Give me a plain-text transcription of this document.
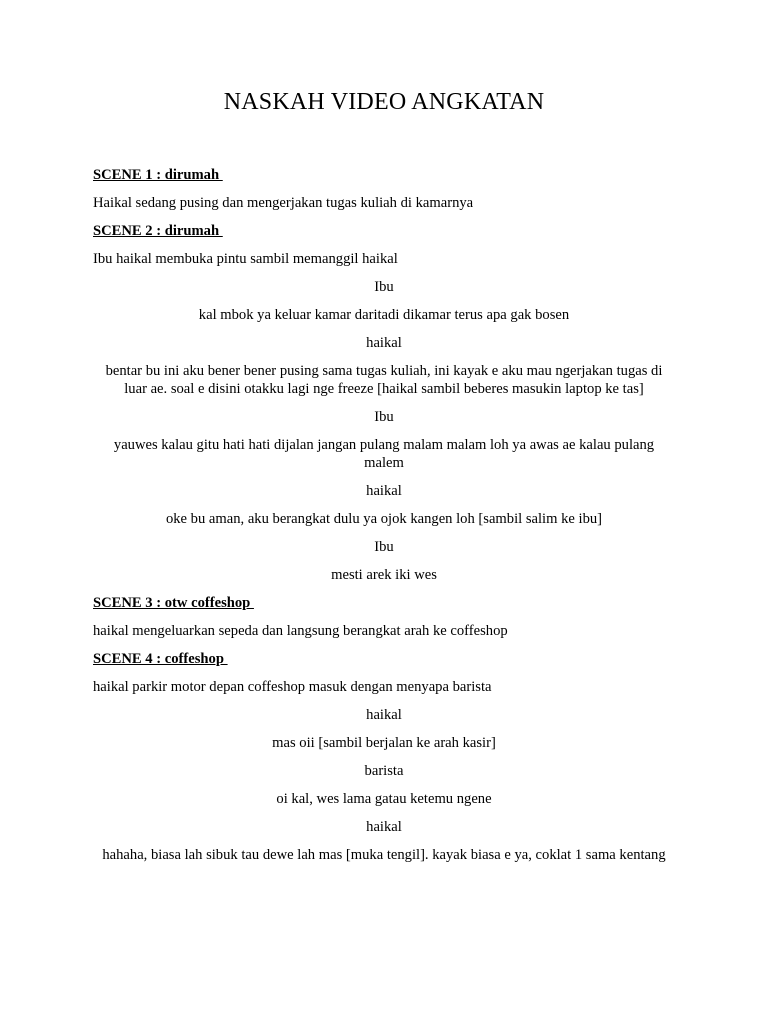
NASKAH VIDEO ANGKATAN
SCENE 1 : dirumah
Haikal sedang pusing dan mengerjakan tugas kuliah di kamarnya
SCENE 2 : dirumah
Ibu haikal membuka pintu sambil memanggil haikal
Ibu
kal mbok ya keluar kamar daritadi dikamar terus apa gak bosen
haikal
bentar bu ini aku bener bener pusing sama tugas kuliah, ini kayak e aku mau ngerjakan tugas di luar ae. soal e disini otakku lagi nge freeze [haikal sambil beberes masukin laptop ke tas]
Ibu
yauwes kalau gitu hati hati dijalan jangan pulang malam malam loh ya awas ae kalau pulang malem
haikal
oke bu aman, aku berangkat dulu ya ojok kangen loh [sambil salim ke ibu]
Ibu
mesti arek iki wes
SCENE 3 : otw coffeshop
haikal mengeluarkan sepeda dan langsung berangkat arah ke coffeshop
SCENE 4 : coffeshop
haikal parkir motor depan coffeshop masuk dengan menyapa barista
haikal
mas oii [sambil berjalan ke arah kasir]
barista
oi kal, wes lama gatau ketemu ngene
haikal
hahaha, biasa lah sibuk tau dewe lah mas [muka tengil]. kayak biasa e ya, coklat 1 sama kentang
